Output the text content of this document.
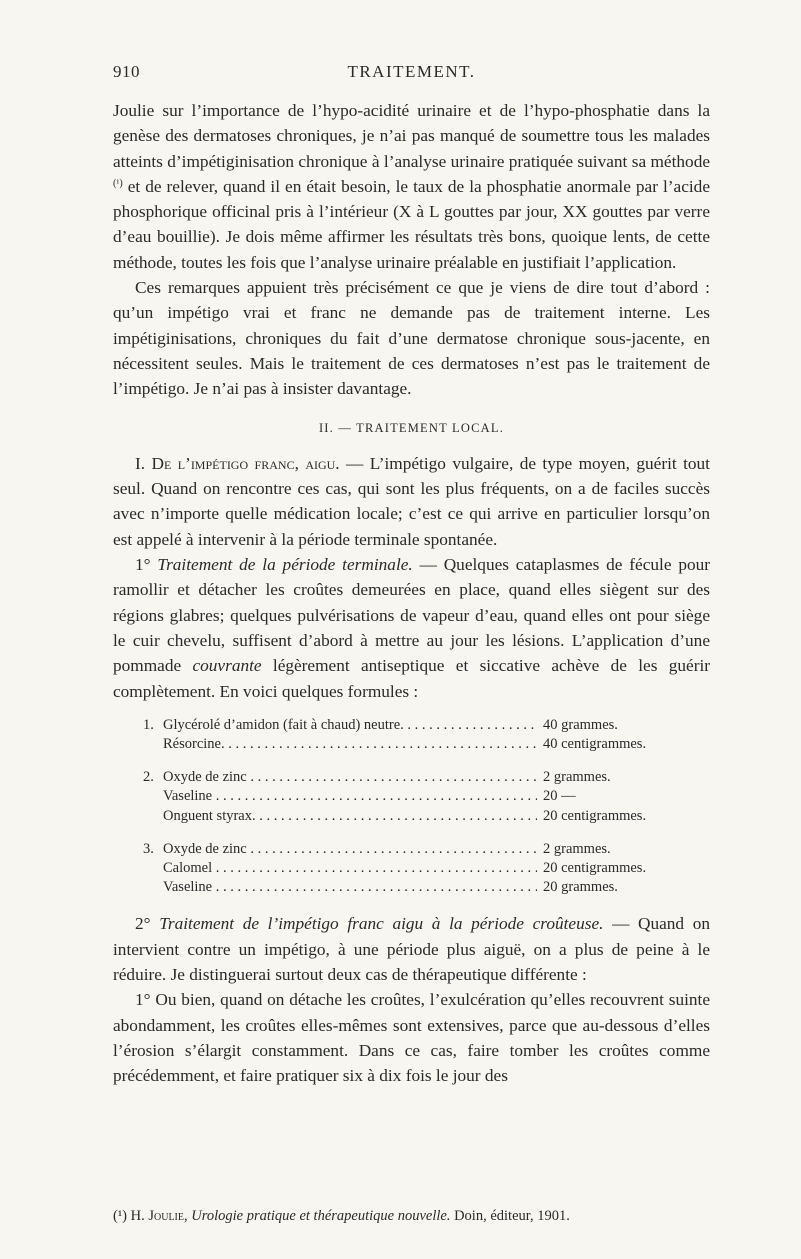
910	TRAITEMENT.

Joulie sur l’importance de l’hypo-acidité urinaire et de l’hypo-phosphatie dans la genèse des dermatoses chroniques, je n’ai pas manqué de soumettre tous les malades atteints d’impétiginisation chronique à l’analyse urinaire pratiquée suivant sa méthode $^{(^1)}$ et de relever, quand il en était besoin, le taux de la phosphatie anormale par l’acide phosphorique officinal pris à l’intérieur (X à L gouttes par jour, XX gouttes par verre d’eau bouillie). Je dois même affirmer les résultats très bons, quoique lents, de cette méthode, toutes les fois que l’analyse urinaire préalable en justifiait l’application.

Ces remarques appuient très précisément ce que je viens de dire tout d’abord : qu’un impétigo vrai et franc ne demande pas de traitement interne. Les impétiginisations, chroniques du fait d’une dermatose chronique sous-jacente, en nécessitent seules. Mais le traitement de ces dermatoses n’est pas le traitement de l’impétigo. Je n’ai pas à insister davantage.

II. — TRAITEMENT LOCAL.

I. De l’impétigo franc, aigu. — L’impétigo vulgaire, de type moyen, guérit tout seul. Quand on rencontre ces cas, qui sont les plus fréquents, on a de faciles succès avec n’importe quelle médication locale; c’est ce qui arrive en particulier lorsqu’on est appelé à intervenir à la période terminale spontanée.

1° Traitement de la période terminale. — Quelques cataplasmes de fécule pour ramollir et détacher les croûtes demeurées en place, quand elles siègent sur des régions glabres; quelques pulvérisations de vapeur d’eau, quand elles ont pour siège le cuir chevelu, suffisent d’abord à mettre au jour les lésions. L’application d’une pommade couvrante légèrement antiseptique et siccative achève de les guérir complètement. En voici quelques formules :

1. Glycérolé d’amidon (fait à chaud) neutre. . . .	40 grammes.
Résorcine. . . .	40 centigrammes.
2. Oxyde de zinc . . .	2 grammes.
Vaseline . . .	20 —
Onguent styrax. . . .	20 centigrammes.
3. Oxyde de zinc . . .	2 grammes.
Calomel . . .	20 centigrammes.
Vaseline . . .	20 grammes.

2° Traitement de l’impétigo franc aigu à la période croûteuse. — Quand on intervient contre un impétigo, à une période plus aiguë, on a plus de peine à le réduire. Je distinguerai surtout deux cas de thérapeutique différente :

1° Ou bien, quand on détache les croûtes, l’exulcération qu’elles recouvrent suinte abondamment, les croûtes elles-mêmes sont extensives, parce que au-dessous d’elles l’érosion s’élargit constamment. Dans ce cas, faire tomber les croûtes comme précédemment, et faire pratiquer six à dix fois le jour des

(¹) H. Joulie, Urologie pratique et thérapeutique nouvelle. Doin, éditeur, 1901.
